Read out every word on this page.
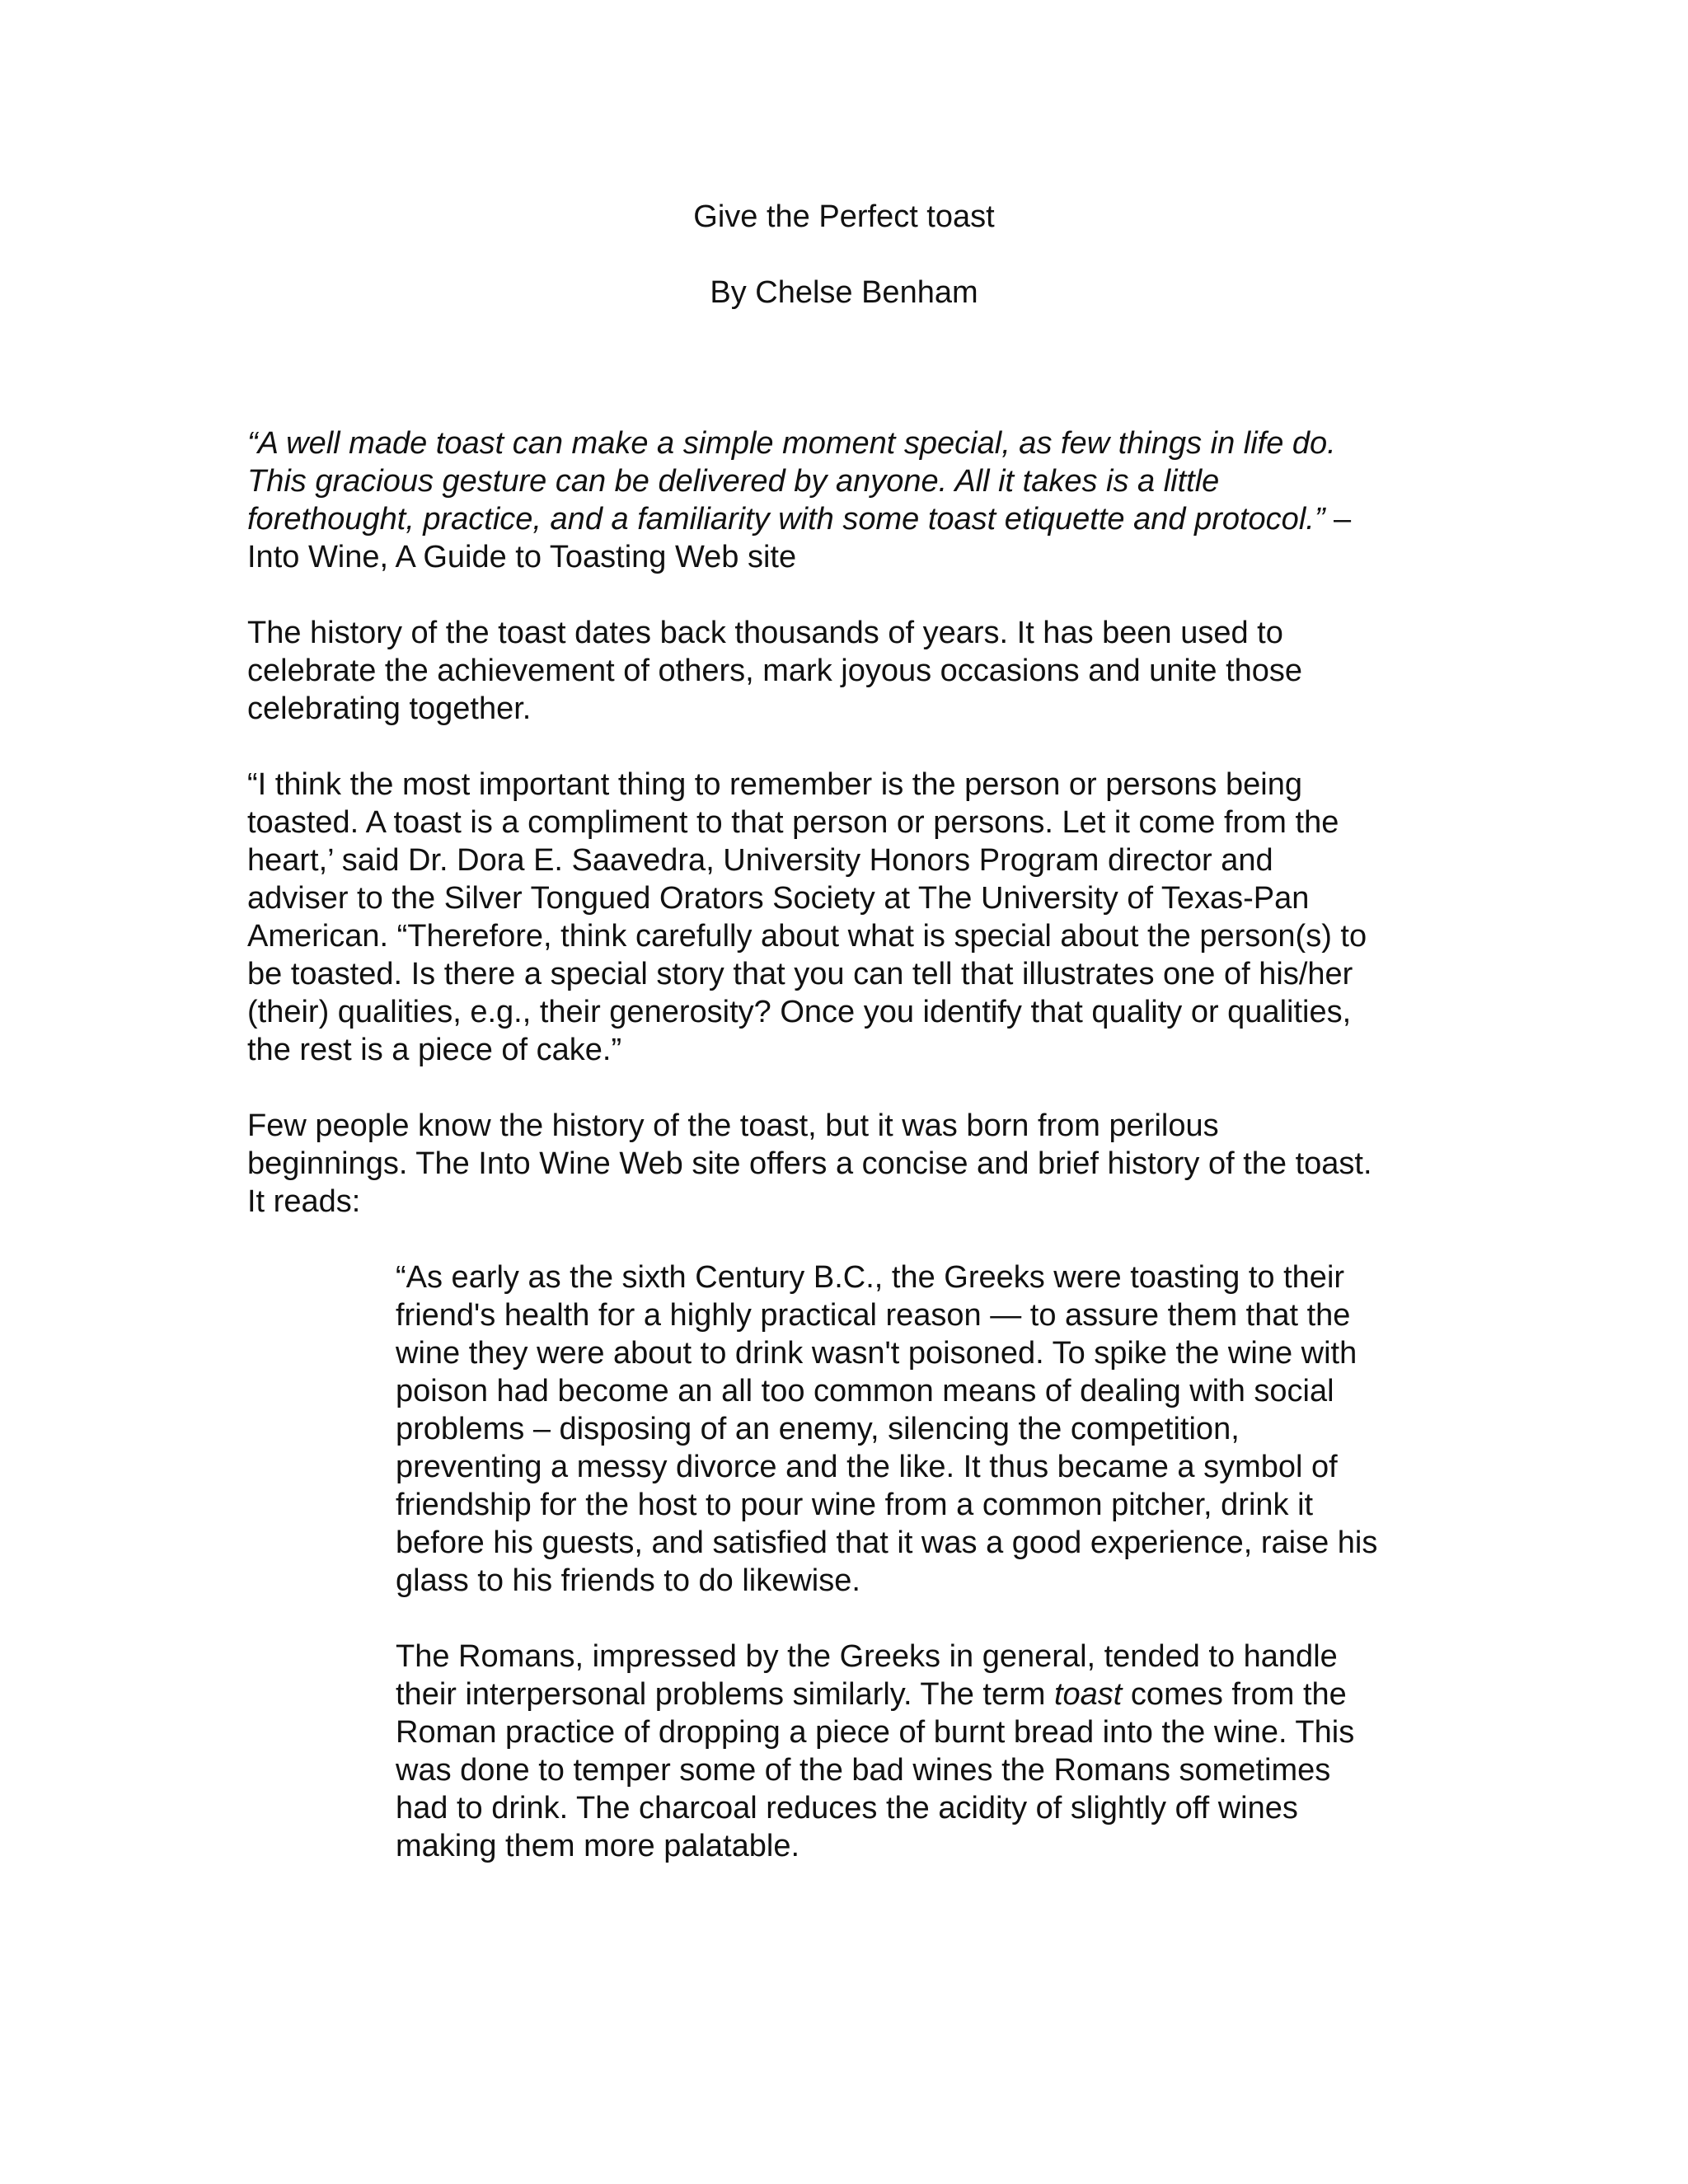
Give the Perfect toast
By Chelse Benham

“A well made toast can make a simple moment special, as few things in life do.
This gracious gesture can be delivered by anyone. All it takes is a little
forethought, practice, and a familiarity with some toast etiquette and protocol.” –
Into Wine, A Guide to Toasting Web site

The history of the toast dates back thousands of years. It has been used to
celebrate the achievement of others, mark joyous occasions and unite those
celebrating together.

“I think the most important thing to remember is the person or persons being
toasted. A toast is a compliment to that person or persons. Let it come from the
heart,’ said Dr. Dora E. Saavedra, University Honors Program director and
adviser to the Silver Tongued Orators Society at The University of Texas-Pan
American. “Therefore, think carefully about what is special about the person(s) to
be toasted. Is there a special story that you can tell that illustrates one of his/her
(their) qualities, e.g., their generosity? Once you identify that quality or qualities,
the rest is a piece of cake.”

Few people know the history of the toast, but it was born from perilous
beginnings. The Into Wine Web site offers a concise and brief history of the toast.
It reads:

“As early as the sixth Century B.C., the Greeks were toasting to their
friend's health for a highly practical reason — to assure them that the
wine they were about to drink wasn't poisoned. To spike the wine with
poison had become an all too common means of dealing with social
problems – disposing of an enemy, silencing the competition,
preventing a messy divorce and the like. It thus became a symbol of
friendship for the host to pour wine from a common pitcher, drink it
before his guests, and satisfied that it was a good experience, raise his
glass to his friends to do likewise.

The Romans, impressed by the Greeks in general, tended to handle
their interpersonal problems similarly. The term toast comes from the
Roman practice of dropping a piece of burnt bread into the wine. This
was done to temper some of the bad wines the Romans sometimes
had to drink. The charcoal reduces the acidity of slightly off wines
making them more palatable.
